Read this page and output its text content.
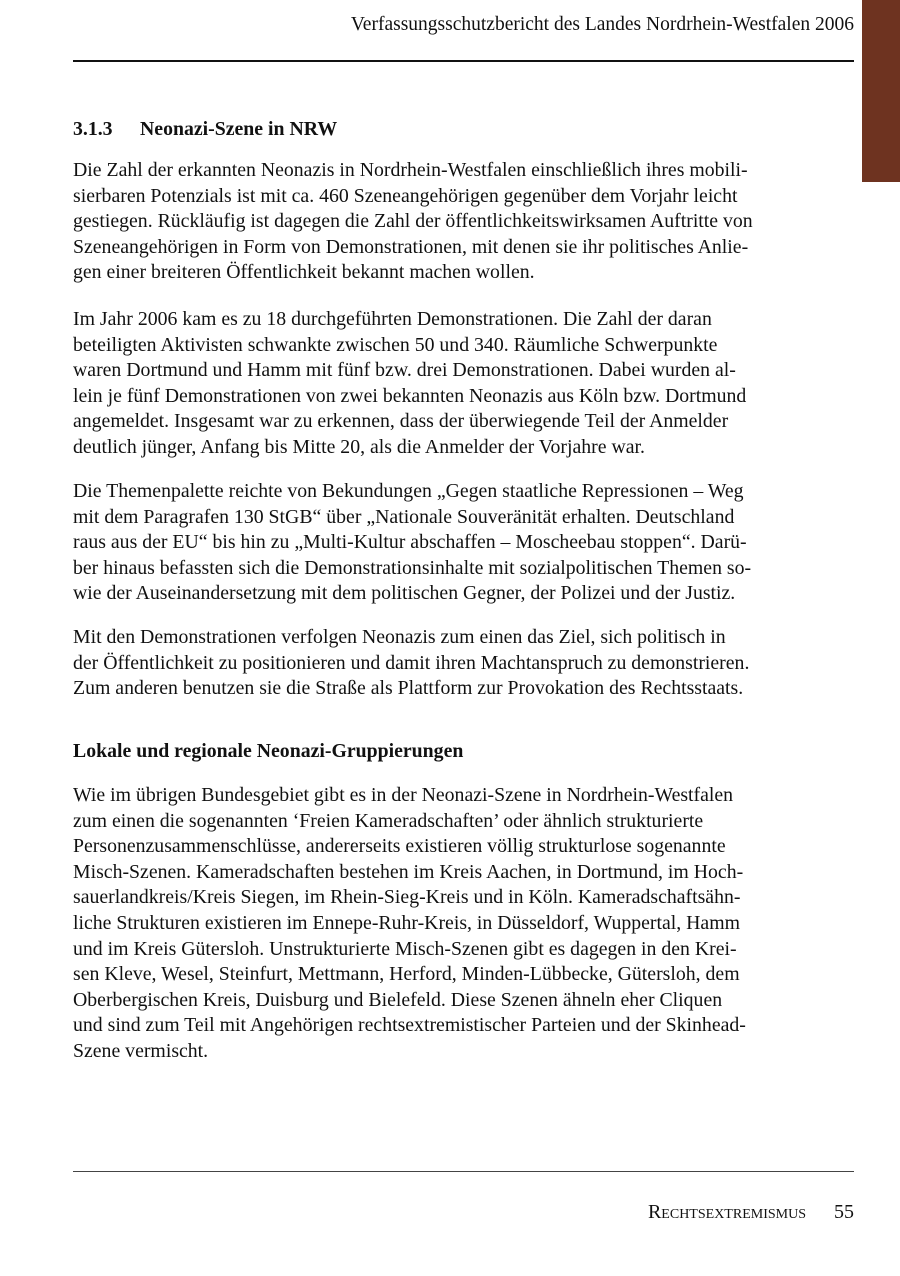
Verfassungsschutzbericht des Landes Nordrhein-Westfalen 2006
3.1.3 Neonazi-Szene in NRW

Die Zahl der erkannten Neonazis in Nordrhein-Westfalen einschließlich ihres mobili-
sierbaren Potenzials ist mit ca. 460 Szeneangehörigen gegenüber dem Vorjahr leicht
gestiegen. Rückläufig ist dagegen die Zahl der öffentlichkeitswirksamen Auftritte von
Szeneangehörigen in Form von Demonstrationen, mit denen sie ihr politisches Anlie-
gen einer breiteren Öffentlichkeit bekannt machen wollen.

Im Jahr 2006 kam es zu 18 durchgeführten Demonstrationen. Die Zahl der daran
beteiligten Aktivisten schwankte zwischen 50 und 340. Räumliche Schwerpunkte
waren Dortmund und Hamm mit fünf bzw. drei Demonstrationen. Dabei wurden al-
lein je fünf Demonstrationen von zwei bekannten Neonazis aus Köln bzw. Dortmund
angemeldet. Insgesamt war zu erkennen, dass der überwiegende Teil der Anmelder
deutlich jünger, Anfang bis Mitte 20, als die Anmelder der Vorjahre war.

Die Themenpalette reichte von Bekundungen „Gegen staatliche Repressionen – Weg
mit dem Paragrafen 130 StGB“ über „Nationale Souveränität erhalten. Deutschland
raus aus der EU“ bis hin zu „Multi-Kultur abschaffen – Moscheebau stoppen“. Darü-
ber hinaus befassten sich die Demonstrationsinhalte mit sozialpolitischen Themen so-
wie der Auseinandersetzung mit dem politischen Gegner, der Polizei und der Justiz.

Mit den Demonstrationen verfolgen Neonazis zum einen das Ziel, sich politisch in
der Öffentlichkeit zu positionieren und damit ihren Machtanspruch zu demonstrieren.
Zum anderen benutzen sie die Straße als Plattform zur Provokation des Rechtsstaats.

Lokale und regionale Neonazi-Gruppierungen

Wie im übrigen Bundesgebiet gibt es in der Neonazi-Szene in Nordrhein-Westfalen
zum einen die sogenannten ‘Freien Kameradschaften’ oder ähnlich strukturierte
Personenzusammenschlüsse, andererseits existieren völlig strukturlose sogenannte
Misch-Szenen. Kameradschaften bestehen im Kreis Aachen, in Dortmund, im Hoch-
sauerlandkreis/Kreis Siegen, im Rhein-Sieg-Kreis und in Köln. Kameradschaftsähn-
liche Strukturen existieren im Ennepe-Ruhr-Kreis, in Düsseldorf, Wuppertal, Hamm
und im Kreis Gütersloh. Unstrukturierte Misch-Szenen gibt es dagegen in den Krei-
sen Kleve, Wesel, Steinfurt, Mettmann, Herford, Minden-Lübbecke, Gütersloh, dem
Oberbergischen Kreis, Duisburg und Bielefeld. Diese Szenen ähneln eher Cliquen
und sind zum Teil mit Angehörigen rechtsextremistischer Parteien und der Skinhead-
Szene vermischt.

Rechtsextremismus 55
